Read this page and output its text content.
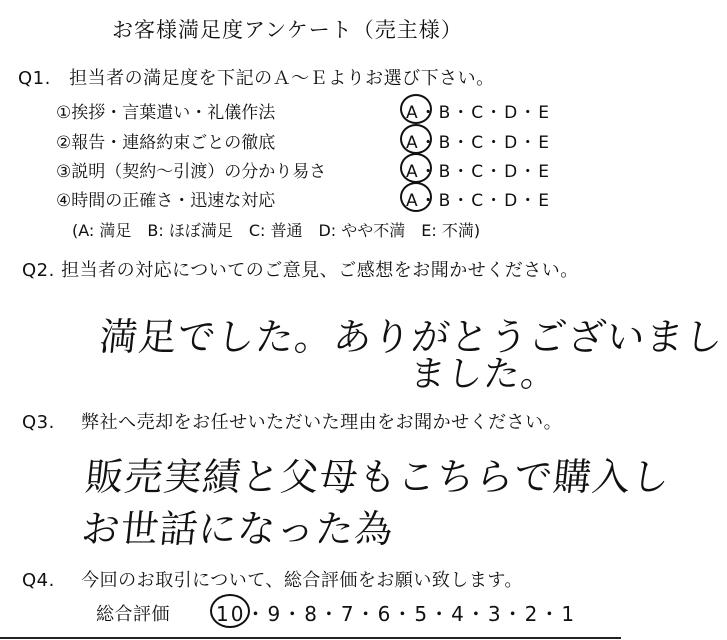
お客様満足度アンケート（売主様）
Q1. 担当者の満足度を下記のＡ～Ｅよりお選び下さい。
①挨拶・言葉遣い・礼儀作法	A・B・C・D・E
②報告・連絡約束ごとの徹底	A・B・C・D・E
③説明（契約～引渡）の分かり易さ	A・B・C・D・E
④時間の正確さ・迅速な対応	A・B・C・D・E
(A: 満足　B: ほぼ満足　C: 普通　D: やや不満　E: 不満)
Q2. 担当者の対応についてのご意見、ご感想をお聞かせください。
満足でした。ありがとうございまし
ました。
Q3. 弊社へ売却をお任せいただいた理由をお聞かせください。
販売実績と父母もこちらで購入し
お世話になった為
Q4. 今回のお取引について、総合評価をお願い致します。
総合評価 10・9・8・7・6・5・4・3・2・1
